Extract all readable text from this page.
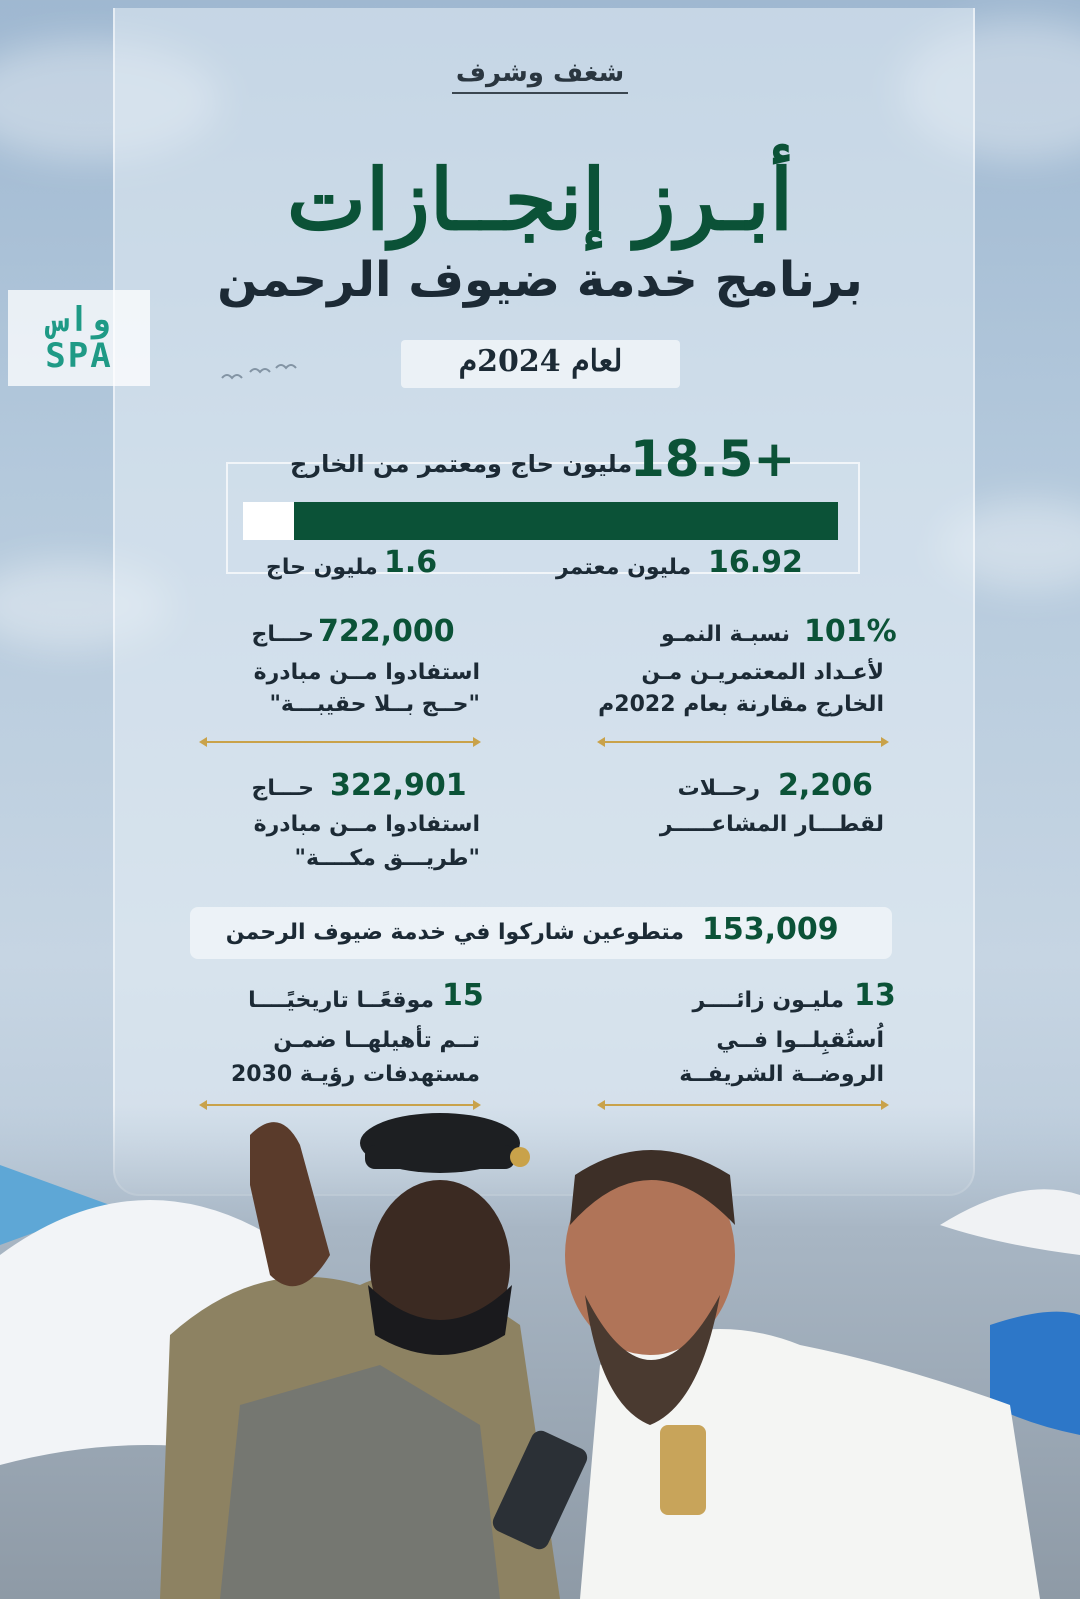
واس
SPA
شغف وشرف
أبـرز إنجــازات
برنامج خدمة ضيوف الرحمن
لعام 2024م
18.5+
مليون حاج ومعتمر من الخارج
16.92
مليون معتمر
1.6
مليون حاج
101%
نسبـة النمـو
لأعـداد المعتمريـن مـن
الخارج مقارنة بعام 2022م
722,000
حـــاج
استفادوا مــن مبادرة
"حــج بــلا حقيبـــة"
2,206
رحــلات
لقطـــار المشاعـــــر
322,901
حـــاج
استفادوا مــن مبادرة
"طريـــق مكــــة"
153,009
متطوعين شاركوا في خدمة ضيوف الرحمن
13
مليـون زائــــر
اُستُقبِلــوا فــي
الروضــة الشريفــة
15
موقعًــا تاريخيًــــا
تــم تأهيلهــا ضمـن
مستهدفات رؤيـة 2030
